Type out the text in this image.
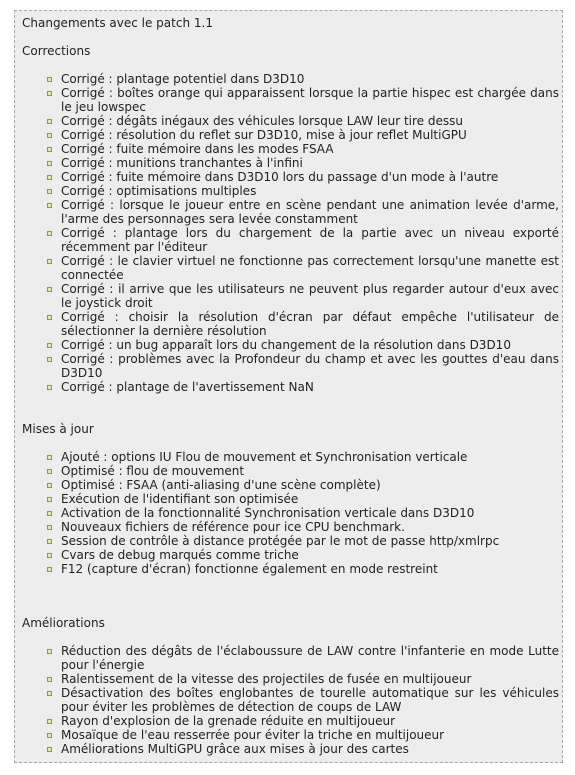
Changements avec le patch 1.1
Corrections
Corrigé : plantage potentiel dans D3D10
Corrigé : boîtes orange qui apparaissent lorsque la partie hispec est chargée dans le jeu lowspec
Corrigé : dégâts inégaux des véhicules lorsque LAW leur tire dessu
Corrigé : résolution du reflet sur D3D10, mise à jour reflet MultiGPU
Corrigé : fuite mémoire dans les modes FSAA
Corrigé : munitions tranchantes à l'infini
Corrigé : fuite mémoire dans D3D10 lors du passage d'un mode à l'autre
Corrigé : optimisations multiples
Corrigé : lorsque le joueur entre en scène pendant une animation levée d'arme, l'arme des personnages sera levée constamment
Corrigé : plantage lors du chargement de la partie avec un niveau exporté récemment par l'éditeur
Corrigé : le clavier virtuel ne fonctionne pas correctement lorsqu'une manette est connectée
Corrigé : il arrive que les utilisateurs ne peuvent plus regarder autour d'eux avec le joystick droit
Corrigé : choisir la résolution d'écran par défaut empêche l'utilisateur de sélectionner la dernière résolution
Corrigé : un bug apparaît lors du changement de la résolution dans D3D10
Corrigé : problèmes avec la Profondeur du champ et avec les gouttes d'eau dans D3D10
Corrigé : plantage de l'avertissement NaN
Mises à jour
Ajouté : options IU Flou de mouvement et Synchronisation verticale
Optimisé : flou de mouvement
Optimisé : FSAA (anti-aliasing d'une scène complète)
Exécution de l'identifiant son optimisée
Activation de la fonctionnalité Synchronisation verticale dans D3D10
Nouveaux fichiers de référence pour ice CPU benchmark.
Session de contrôle à distance protégée par le mot de passe http/xmlrpc
Cvars de debug marqués comme triche
F12 (capture d'écran) fonctionne également en mode restreint
Améliorations
Réduction des dégâts de l'éclaboussure de LAW contre l'infanterie en mode Lutte pour l'énergie
Ralentissement de la vitesse des projectiles de fusée en multijoueur
Désactivation des boîtes englobantes de tourelle automatique sur les véhicules pour éviter les problèmes de détection de coups de LAW
Rayon d'explosion de la grenade réduite en multijoueur
Mosaïque de l'eau resserrée pour éviter la triche en multijoueur
Améliorations MultiGPU grâce aux mises à jour des cartes
